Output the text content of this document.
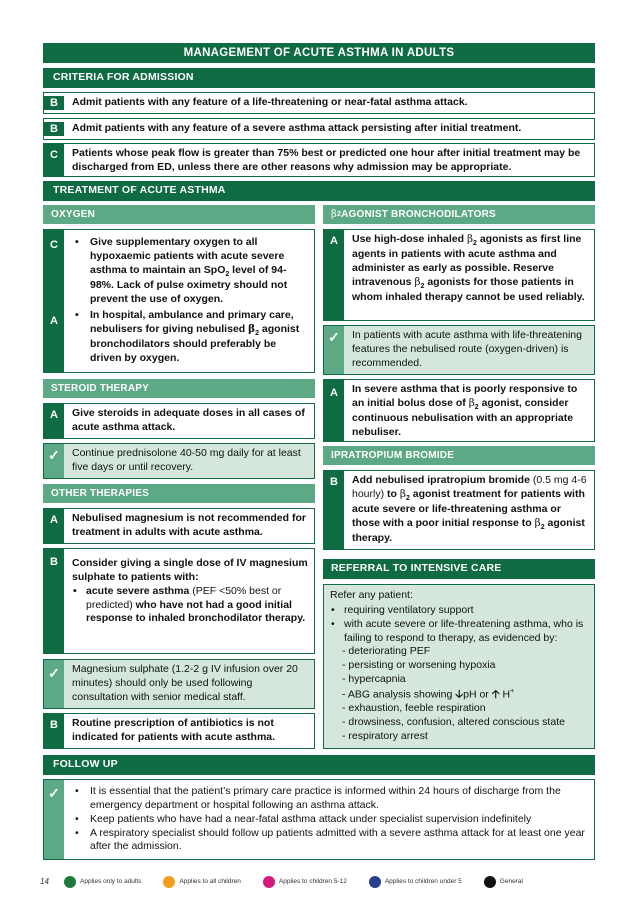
MANAGEMENT OF ACUTE ASTHMA IN ADULTS
CRITERIA FOR ADMISSION
B	Admit patients with any feature of a life-threatening or near-fatal asthma attack.
B	Admit patients with any feature of a severe asthma attack persisting after initial treatment.
C	Patients whose peak flow is greater than 75% best or predicted one hour after initial treatment may be discharged from ED, unless there are other reasons why admission may be appropriate.
TREATMENT OF ACUTE ASTHMA
OXYGEN
C
A
• Give supplementary oxygen to all hypoxaemic patients with acute severe asthma to maintain an SpO$_2$ level of 94-98%. Lack of pulse oximetry should not prevent the use of oxygen.
• In hospital, ambulance and primary care, nebulisers for giving nebulised $\beta_2$ agonist bronchodilators should preferably be driven by oxygen.
STEROID THERAPY
A	Give steroids in adequate doses in all cases of acute asthma attack.
✓	Continue prednisolone 40-50 mg daily for at least five days or until recovery.
OTHER THERAPIES
A	Nebulised magnesium is not recommended for treatment in adults with acute asthma.
B	Consider giving a single dose of IV magnesium sulphate to patients with:
• acute severe asthma (PEF <50% best or predicted) who have not had a good initial response to inhaled bronchodilator therapy.
✓	Magnesium sulphate (1.2-2 g IV infusion over 20 minutes) should only be used following consultation with senior medical staff.
B	Routine prescription of antibiotics is not indicated for patients with acute asthma.
β 2 AGONIST BRONCHODILATORS
A	Use high-dose inhaled $\beta_2$ agonists as first line agents in patients with acute asthma and administer as early as possible. Reserve intravenous $\beta_2$ agonists for those patients in whom inhaled therapy cannot be used reliably.
✓	In patients with acute asthma with life-threatening features the nebulised route (oxygen-driven) is recommended.
A	In severe asthma that is poorly responsive to an initial bolus dose of $\beta_2$ agonist, consider continuous nebulisation with an appropriate nebuliser.
IPRATROPIUM BROMIDE
B	Add nebulised ipratropium bromide (0.5 mg 4-6 hourly) to $\beta_2$ agonist treatment for patients with acute severe or life-threatening asthma or those with a poor initial response to $\beta_2$ agonist therapy.
REFERRAL TO INTENSIVE CARE
Refer any patient:
• requiring ventilatory support
• with acute severe or life-threatening asthma, who is failing to respond to therapy, as evidenced by:
- deteriorating PEF
- persisting or worsening hypoxia
- hypercapnia
- ABG analysis showing 🡣pH or 🡡 H+
- exhaustion, feeble respiration
- drowsiness, confusion, altered conscious state
- respiratory arrest
FOLLOW UP
✓
•	It is essential that the patient’s primary care practice is informed within 24 hours of discharge from the emergency department or hospital following an asthma attack.
• Keep patients who have had a near-fatal asthma attack under specialist supervision indefinitely
• A respiratory specialist should follow up patients admitted with a severe asthma attack for at least one year after the admission.
14	Applies only to adults	Applies to all children	Applies to children 5-12	Applies to children under 5	General
